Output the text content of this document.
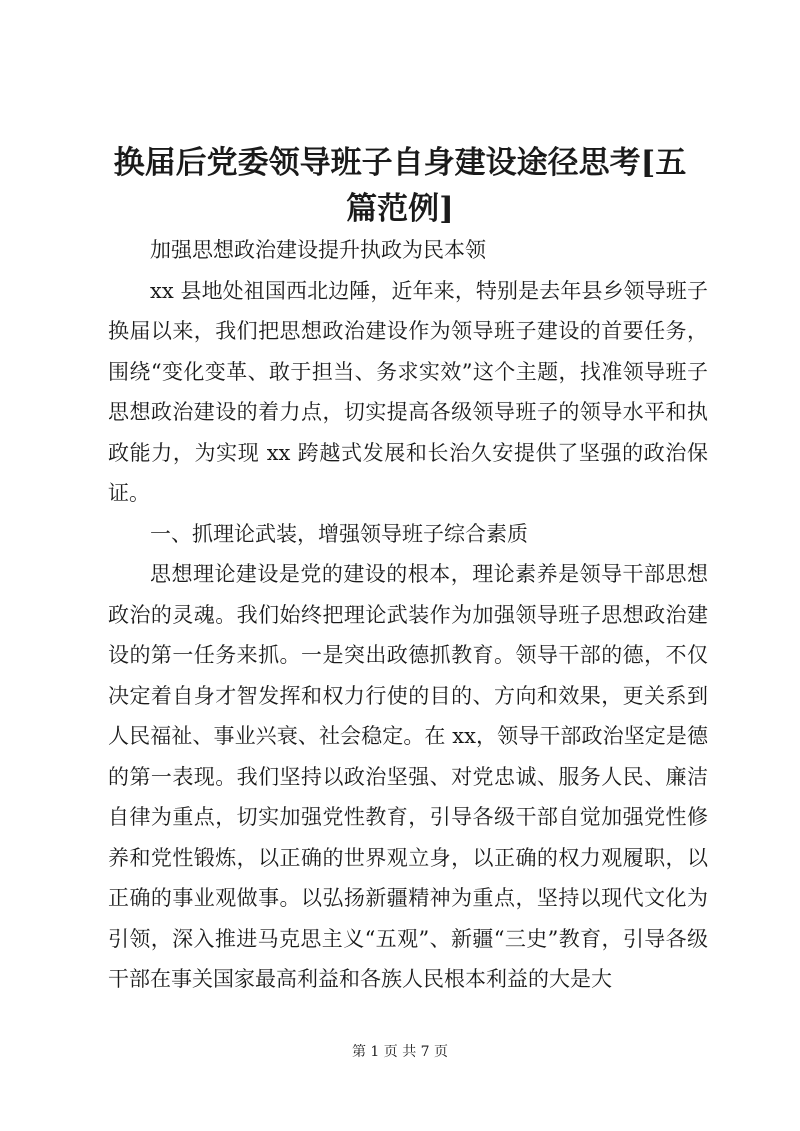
换届后党委领导班子自身建设途径思考[五篇范例]

加强思想政治建设提升执政为民本领

xx 县地处祖国西北边陲，近年来，特别是去年县乡领导班子换届以来，我们把思想政治建设作为领导班子建设的首要任务，围绕“变化变革、敢于担当、务求实效”这个主题，找准领导班子思想政治建设的着力点，切实提高各级领导班子的领导水平和执政能力，为实现 xx 跨越式发展和长治久安提供了坚强的政治保证。

一、抓理论武装，增强领导班子综合素质

思想理论建设是党的建设的根本，理论素养是领导干部思想政治的灵魂。我们始终把理论武装作为加强领导班子思想政治建设的第一任务来抓。一是突出政德抓教育。领导干部的德，不仅决定着自身才智发挥和权力行使的目的、方向和效果，更关系到人民福祉、事业兴衰、社会稳定。在 xx，领导干部政治坚定是德的第一表现。我们坚持以政治坚强、对党忠诚、服务人民、廉洁自律为重点，切实加强党性教育，引导各级干部自觉加强党性修养和党性锻炼，以正确的世界观立身，以正确的权力观履职，以正确的事业观做事。以弘扬新疆精神为重点，坚持以现代文化为引领，深入推进马克思主义“五观”、新疆“三史”教育，引导各级干部在事关国家最高利益和各族人民根本利益的大是大

第 1 页 共 7 页
